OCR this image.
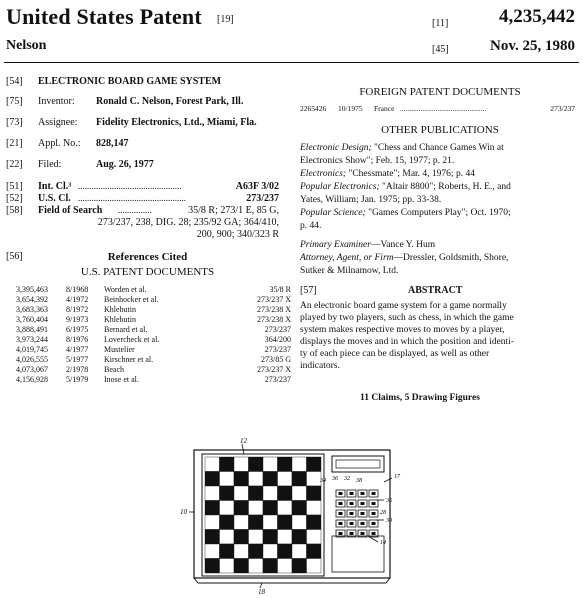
United States Patent [19]
Nelson
[11]	4,235,442
[45]	Nov. 25, 1980
[54] ELECTRONIC BOARD GAME SYSTEM
[75] Inventor: Ronald C. Nelson, Forest Park, Ill.
[73] Assignee: Fidelity Electronics, Ltd., Miami, Fla.
[21] Appl. No.: 828,147
[22] Filed:	Aug. 26, 1977
[51] Int. Cl.³ ..............................................	A63F 3/02
[52] U.S. Cl. ................................................	273/237
[58] Field of Search ...............	35/8 R; 273/1 E, 85 G,
273/237, 238, DIG. 28; 235/92 GA; 364/410,
200, 900; 340/323 R
[56]	References Cited
U.S. PATENT DOCUMENTS
3,395,463 8/1968 Worden et al.	35/8 R
3,654,392 4/1972 Beinhocker et al.	273/237 X
3,683,363 8/1972 Khlebutin	273/238 X
3,760,404 9/1973 Khlebutin	273/238 X
3,888,491 6/1975 Bernard et al.	273/237
3,973,244 8/1976 Lovercheck et al.	364/200
4,019,745 4/1977 Mustelier	273/237
4,026,555 5/1977 Kirschner et al.	273/85 G
4,073,067 2/1978 Beach	273/237 X
4,156,928 5/1979 Inose et al.	273/237
FOREIGN PATENT DOCUMENTS
2265426 10/1975 France ..............................................	273/237
OTHER PUBLICATIONS
Electronic Design; "Chess and Chance Games Win at
Electronics Show"; Feb. 15, 1977; p. 21.
Electronics; "Chessmate"; Mar. 4, 1976; p. 44
Popular Electronics; "Altair 8800"; Roberts, H. E., and
Yates, William; Jan. 1975; pp. 33-38.
Popular Science; "Games Computers Play"; Oct. 1970;
p. 44.
Primary Examiner—Vance Y. Hum
Attorney, Agent, or Firm—Dressler, Goldsmith, Shore,
Sutker & Milnamow, Ltd.
[57]	ABSTRACT
An electronic board game system for a game normally
played by two players, such as chess, in which the game
system makes respective moves to moves by a player,
displays the moves and in which the position and identi-
ty of each piece can be displayed, as well as other
indicators.
11 Claims, 5 Drawing Figures
12
10
34 36 32 38
17
35
28
30
14
18
